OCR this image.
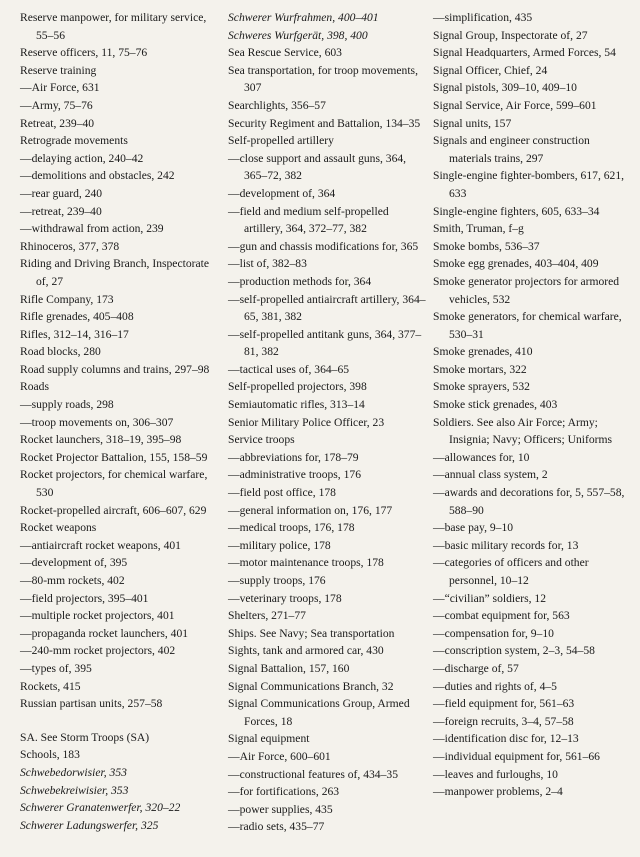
Reserve manpower, for military service, 55–56
Reserve officers, 11, 75–76
Reserve training
—Air Force, 631
—Army, 75–76
Retreat, 239–40
Retrograde movements
—delaying action, 240–42
—demolitions and obstacles, 242
—rear guard, 240
—retreat, 239–40
—withdrawal from action, 239
Rhinoceros, 377, 378
Riding and Driving Branch, Inspectorate of, 27
Rifle Company, 173
Rifle grenades, 405–408
Rifles, 312–14, 316–17
Road blocks, 280
Road supply columns and trains, 297–98
Roads
—supply roads, 298
—troop movements on, 306–307
Rocket launchers, 318–19, 395–98
Rocket Projector Battalion, 155, 158–59
Rocket projectors, for chemical warfare, 530
Rocket-propelled aircraft, 606–607, 629
Rocket weapons
—antiaircraft rocket weapons, 401
—development of, 395
—80-mm rockets, 402
—field projectors, 395–401
—multiple rocket projectors, 401
—propaganda rocket launchers, 401
—240-mm rocket projectors, 402
—types of, 395
Rockets, 415
Russian partisan units, 257–58
SA. See Storm Troops (SA)
Schools, 183
Schwebedorwisier, 353
Schwebekreiwisier, 353
Schwerer Granatenwerfer, 320–22
Schwerer Ladungswerfer, 325
Schwerer Wurfrahmen, 400–401
Schweres Wurfgerät, 398, 400
Sea Rescue Service, 603
Sea transportation, for troop movements, 307
Searchlights, 356–57
Security Regiment and Battalion, 134–35
Self-propelled artillery
—close support and assault guns, 364, 365–72, 382
—development of, 364
—field and medium self-propelled artillery, 364, 372–77, 382
—gun and chassis modifications for, 365
—list of, 382–83
—production methods for, 364
—self-propelled antiaircraft artillery, 364–65, 381, 382
—self-propelled antitank guns, 364, 377–81, 382
—tactical uses of, 364–65
Self-propelled projectors, 398
Semiautomatic rifles, 313–14
Senior Military Police Officer, 23
Service troops
—abbreviations for, 178–79
—administrative troops, 176
—field post office, 178
—general information on, 176, 177
—medical troops, 176, 178
—military police, 178
—motor maintenance troops, 178
—supply troops, 176
—veterinary troops, 178
Shelters, 271–77
Ships. See Navy; Sea transportation
Sights, tank and armored car, 430
Signal Battalion, 157, 160
Signal Communications Branch, 32
Signal Communications Group, Armed Forces, 18
Signal equipment
—Air Force, 600–601
—constructional features of, 434–35
—for fortifications, 263
—power supplies, 435
—radio sets, 435–77
—simplification, 435
Signal Group, Inspectorate of, 27
Signal Headquarters, Armed Forces, 54
Signal Officer, Chief, 24
Signal pistols, 309–10, 409–10
Signal Service, Air Force, 599–601
Signal units, 157
Signals and engineer construction materials trains, 297
Single-engine fighter-bombers, 617, 621, 633
Single-engine fighters, 605, 633–34
Smith, Truman, f–g
Smoke bombs, 536–37
Smoke egg grenades, 403–404, 409
Smoke generator projectors for armored vehicles, 532
Smoke generators, for chemical warfare, 530–31
Smoke grenades, 410
Smoke mortars, 322
Smoke sprayers, 532
Smoke stick grenades, 403
Soldiers. See also Air Force; Army; Insignia; Navy; Officers; Uniforms
—allowances for, 10
—annual class system, 2
—awards and decorations for, 5, 557–58, 588–90
—base pay, 9–10
—basic military records for, 13
—categories of officers and other personnel, 10–12
—“civilian” soldiers, 12
—combat equipment for, 563
—compensation for, 9–10
—conscription system, 2–3, 54–58
—discharge of, 57
—duties and rights of, 4–5
—field equipment for, 561–63
—foreign recruits, 3–4, 57–58
—identification disc for, 12–13
—individual equipment for, 561–66
—leaves and furloughs, 10
—manpower problems, 2–4
